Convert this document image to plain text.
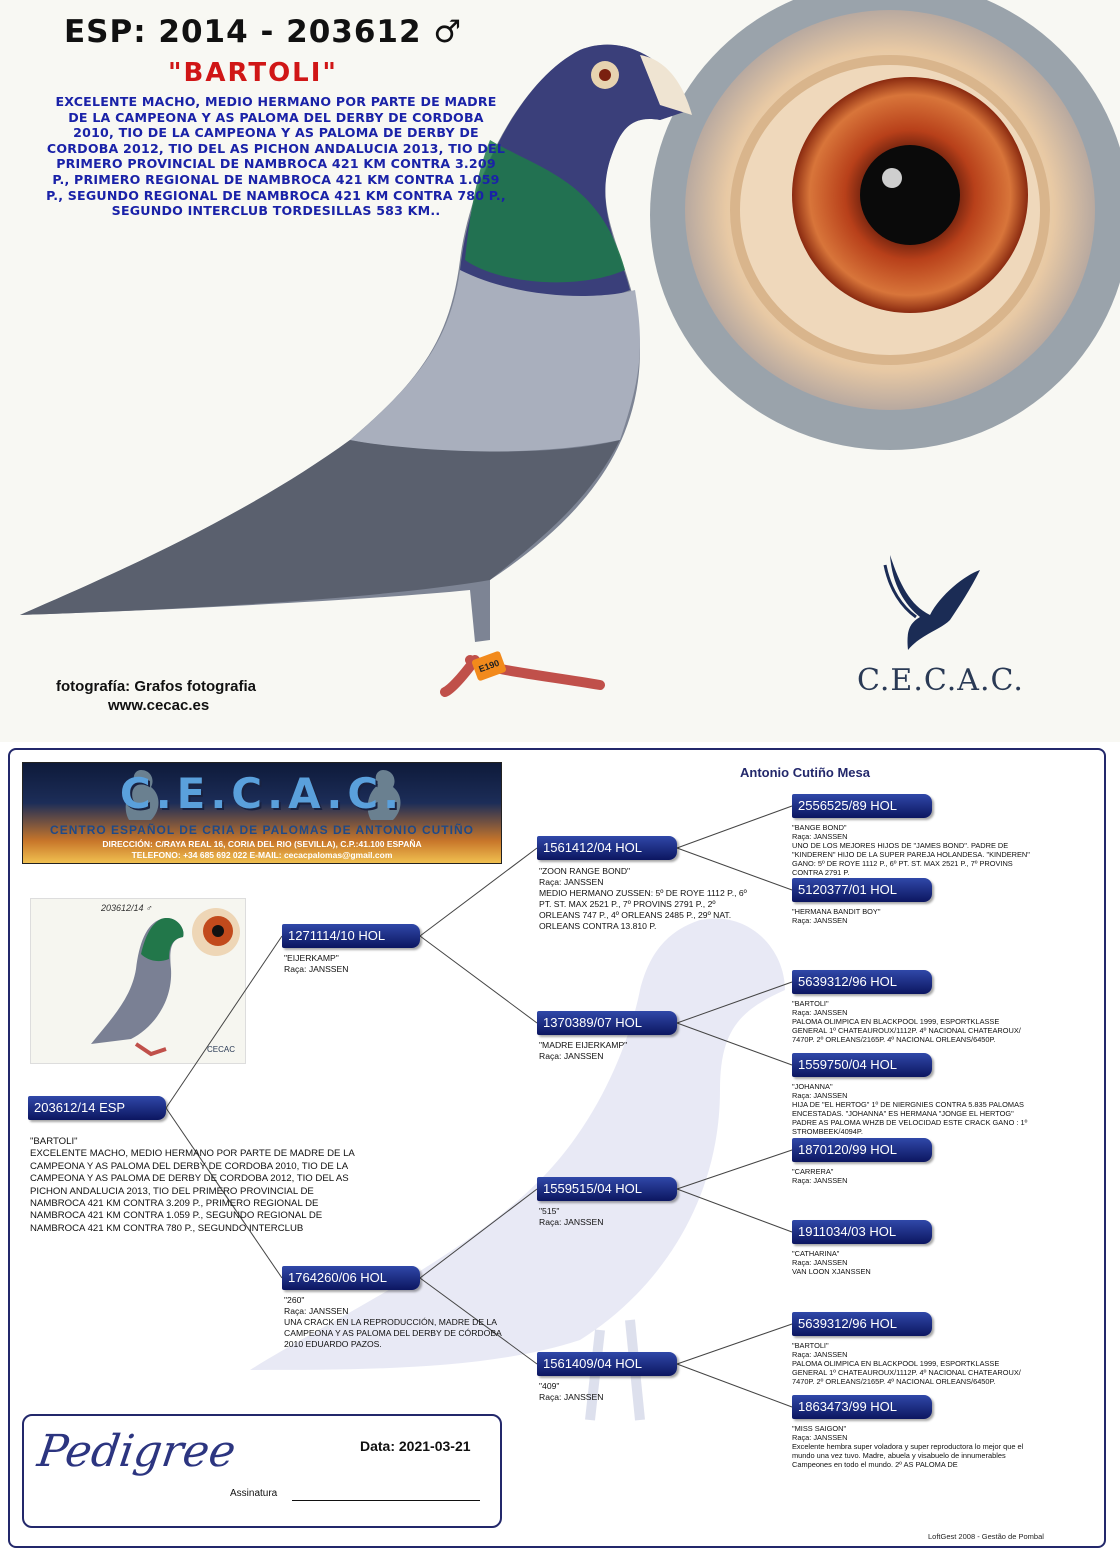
E190
ESP: 2014 - 203612 ♂
"BARTOLI"
EXCELENTE MACHO, MEDIO HERMANO POR PARTE DE MADRE DE LA CAMPEONA Y AS PALOMA DEL DERBY DE CORDOBA 2010, TIO DE LA CAMPEONA Y AS PALOMA DE DERBY DE CORDOBA 2012, TIO DEL AS PICHON ANDALUCIA 2013, TIO DEL PRIMERO PROVINCIAL DE NAMBROCA 421 KM CONTRA 3.209 P., PRIMERO REGIONAL DE NAMBROCA 421 KM CONTRA 1.059 P., SEGUNDO REGIONAL DE NAMBROCA 421 KM CONTRA 780 P., SEGUNDO INTERCLUB TORDESILLAS 583 KM..
fotografía: Grafos fotografia
www.cecac.es
C.E.C.A.C.
Antonio Cutiño Mesa
C.E.C.A.C.
CENTRO ESPAÑOL DE CRIA DE PALOMAS DE ANTONIO CUTIÑO
DIRECCIÓN: C/RAYA REAL 16, CORIA DEL RIO (SEVILLA), C.P.:41.100 ESPAÑA
TELEFONO: +34 685 692 022 E-MAIL: cecacpalomas@gmail.com
203612/14 ♂
CECAC
203612/14 ESP
"BARTOLI"
EXCELENTE MACHO, MEDIO HERMANO POR PARTE DE MADRE DE LA CAMPEONA Y AS PALOMA DEL DERBY DE CORDOBA 2010, TIO DE LA CAMPEONA Y AS PALOMA DE DERBY DE CORDOBA 2012, TIO DEL AS PICHON ANDALUCIA 2013, TIO DEL PRIMERO PROVINCIAL DE NAMBROCA 421 KM CONTRA 3.209 P., PRIMERO REGIONAL DE NAMBROCA 421 KM CONTRA 1.059 P., SEGUNDO REGIONAL DE NAMBROCA 421 KM CONTRA 780 P., SEGUNDO INTERCLUB
1271114/10 HOL
"EIJERKAMP"
Raça: JANSSEN
1764260/06 HOL
"260"
Raça: JANSSEN
UNA CRACK EN LA REPRODUCCIÓN, MADRE DE LA CAMPEONA Y AS PALOMA DEL DERBY DE CÓRDOBA 2010 EDUARDO PAZOS.
1561412/04 HOL
"ZOON RANGE BOND"
Raça: JANSSEN
MEDIO HERMANO ZUSSEN: 5º DE ROYE 1112 P., 6º PT. ST. MAX 2521 P., 7º PROVINS 2791 P., 2º ORLEANS 747 P., 4º ORLEANS 2485 P., 29º NAT. ORLEANS CONTRA 13.810 P.
1370389/07 HOL
"MADRE EIJERKAMP"
Raça: JANSSEN
1559515/04 HOL
"515"
Raça: JANSSEN
1561409/04 HOL
"409"
Raça: JANSSEN
2556525/89 HOL
"BANGE BOND"
Raça: JANSSEN
UNO DE LOS MEJORES HIJOS DE "JAMES BOND". PADRE DE "KINDEREN" HIJO DE LA SUPER PAREJA HOLANDESA. "KINDEREN" GANO: 5º DE ROYE 1112 P., 6º PT. ST. MAX 2521 P., 7º PROVINS CONTRA 2791 P.
5120377/01 HOL
"HERMANA BANDIT BOY"
Raça: JANSSEN
5639312/96 HOL
"BARTOLI"
Raça: JANSSEN
PALOMA OLIMPICA EN BLACKPOOL 1999, ESPORTKLASSE GENERAL 1º CHATEAUROUX/1112P. 4º NACIONAL CHATEAROUX/ 7470P. 2º ORLEANS/2165P. 4º NACIONAL ORLEANS/6450P.
1559750/04 HOL
"JOHANNA"
Raça: JANSSEN
HIJA DE "EL HERTOG" 1º DE NIERGNIES CONTRA 5.835 PALOMAS ENCESTADAS. "JOHANNA" ES HERMANA "JONGE EL HERTOG" PADRE AS PALOMA WHZB DE VELOCIDAD ESTE CRACK GANO : 1º STROMBEEK/4094P.
1870120/99 HOL
"CARRERA"
Raça: JANSSEN
1911034/03 HOL
"CATHARINA"
Raça: JANSSEN
VAN LOON XJANSSEN
5639312/96 HOL
"BARTOLI"
Raça: JANSSEN
PALOMA OLIMPICA EN BLACKPOOL 1999, ESPORTKLASSE GENERAL 1º CHATEAUROUX/1112P. 4º NACIONAL CHATEAROUX/ 7470P. 2º ORLEANS/2165P. 4º NACIONAL ORLEANS/6450P.
1863473/99 HOL
"MISS SAIGON"
Raça: JANSSEN
Excelente hembra super voladora y super reproductora lo mejor que el mundo una vez tuvo. Madre, abuela y visabuelo de innumerables Campeones en todo el mundo. 2º AS PALOMA DE
Pedigree	Data: 2021-03-21
Assinatura
LoftGest 2008 - Gestão de Pombal
